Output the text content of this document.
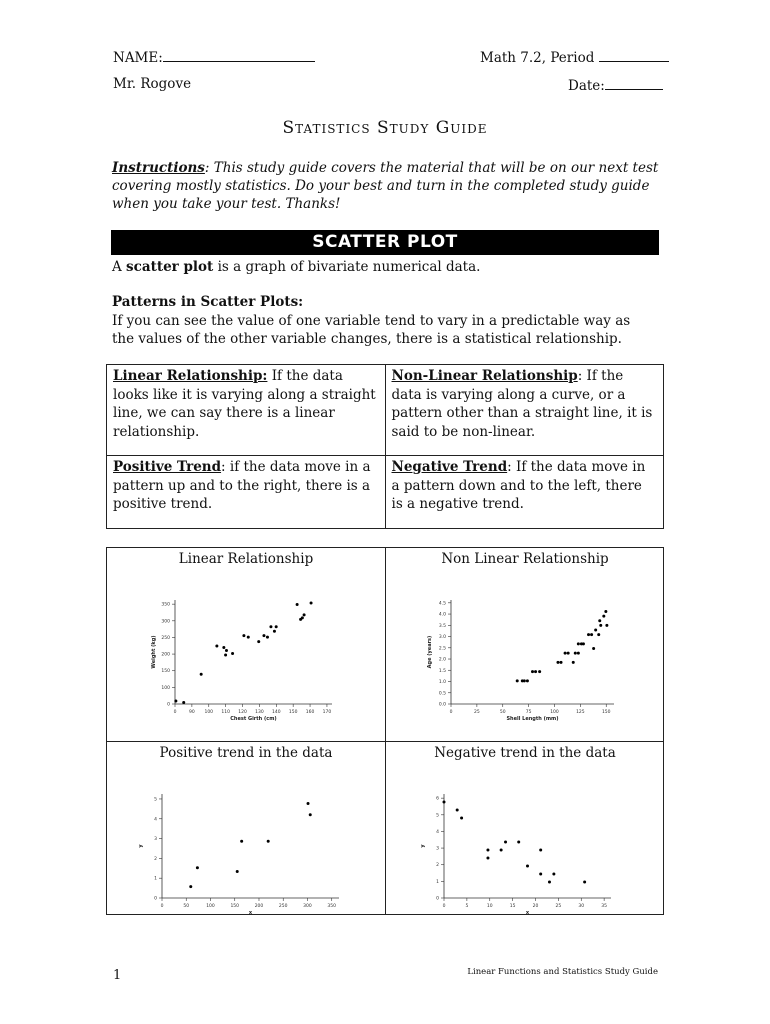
NAME:	Math 7.2, Period
Mr. Rogove	Date:
Statistics Study Guide
Instructions: This study guide covers the material that will be on our next test covering mostly statistics. Do your best and turn in the completed study guide when you take your test. Thanks!
SCATTER PLOT
A scatter plot is a graph of bivariate numerical data.
Patterns in Scatter Plots:
If you can see the value of one variable tend to vary in a predictable way as the values of the other variable changes, there is a statistical relationship.
Linear Relationship: If the data looks like it is varying along a straight line, we can say there is a linear relationship.	Non-Linear Relationship: If the data is varying along a curve, or a pattern other than a straight line, it is said to be non-linear.
Positive Trend: if the data move in a pattern up and to the right, there is a positive trend.	Negative Trend: If the data move in a pattern down and to the left, there is a negative trend.
Linear Relationship
0	90 100 110 120 130 140 150 160 170
0
100
150
200
250
300
350
Chest Girth (cm)
Weight (kg)
Non Linear Relationship
0	25	50	75	100	125	150
0.0
0.5
1.0
1.5
2.0
2.5
3.0
3.5
4.0
4.5
Shell Length (mm)
Age (years)
Positive trend in the data
0	50	100	150	200	250	300	350
0
1
2
3
4
5
x
y
Negative trend in the data
0	5	10	15	20	25	30	35
0
1
2
3
4
5
6
x
y
1	Linear Functions and Statistics Study Guide
